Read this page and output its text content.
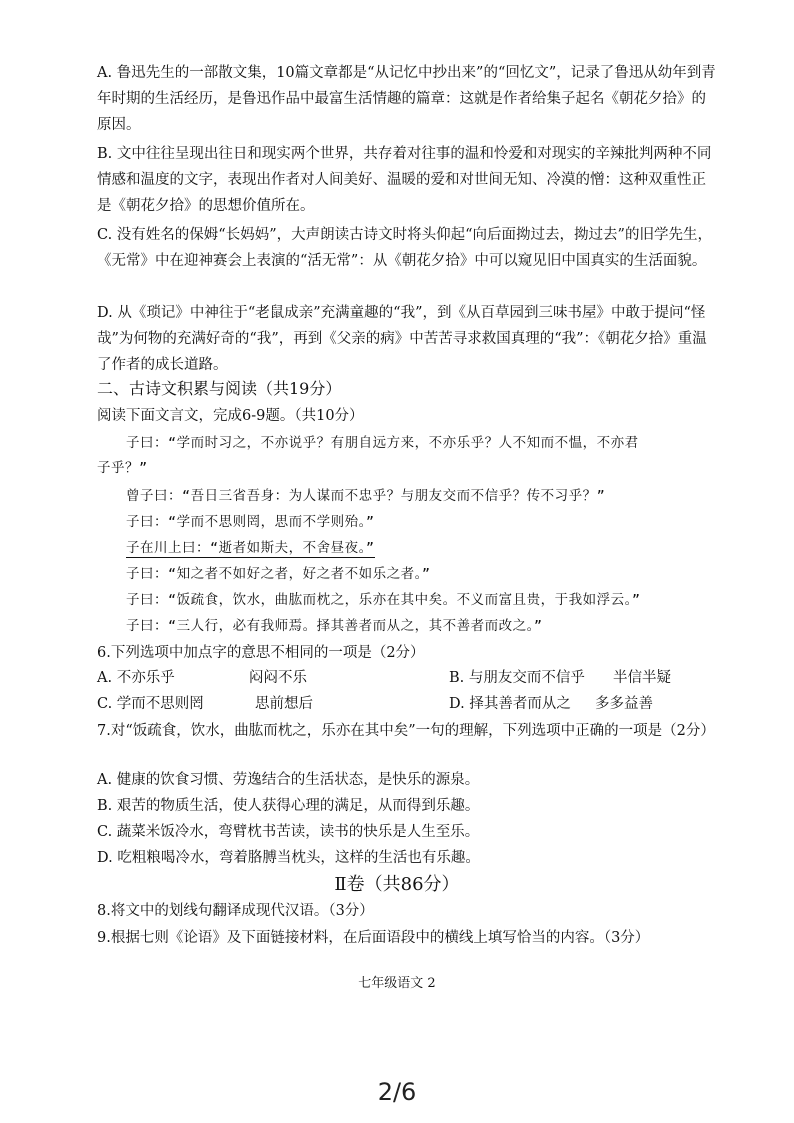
A. 鲁迅先生的一部散文集，10篇文章都是“从记忆中抄出来”的“回忆文”，记录了鲁迅从幼年到青年时期的生活经历，是鲁迅作品中最富生活情趣的篇章：这就是作者给集子起名《朝花夕拾》的原因。

B. 文中往往呈现出往日和现实两个世界，共存着对往事的温和怜爱和对现实的辛辣批判两种不同情感和温度的文字，表现出作者对人间美好、温暖的爱和对世间无知、冷漠的憎：这种双重性正是《朝花夕拾》的思想价值所在。

C. 没有姓名的保姆“长妈妈”，大声朗读古诗文时将头仰起“向后面拗过去，拗过去”的旧学先生，《无常》中在迎神赛会上表演的“活无常”：从《朝花夕拾》中可以窥见旧中国真实的生活面貌。

D. 从《琐记》中神往于“老鼠成亲”充满童趣的“我”，到《从百草园到三味书屋》中敢于提问“怪哉”为何物的充满好奇的“我”，再到《父亲的病》中苦苦寻求救国真理的“我”：《朝花夕拾》重温了作者的成长道路。

二、古诗文积累与阅读（共19分）
阅读下面文言文，完成6-9题。（共10分）
子曰：“学而时习之，不亦说乎？有朋自远方来，不亦乐乎？人不知而不愠，不亦君
子乎？”
曾子曰：“吾日三省吾身：为人谋而不忠乎？与朋友交而不信乎？传不习乎？”
子曰：“学而不思则罔，思而不学则殆。”
子在川上曰：“逝者如斯夫，不舍昼夜。”
子曰：“知之者不如好之者，好之者不如乐之者。”
子曰：“饭疏食，饮水，曲肱而枕之，乐亦在其中矣。不义而富且贵，于我如浮云。”
子曰：“三人行，必有我师焉。择其善者而从之，其不善者而改之。”
6.下列选项中加点字的意思不相同的一项是（2分）
A. 不亦乐乎	闷闷不乐	B. 与朋友交而不信乎 半信半疑
C. 学而不思则罔	思前想后	D. 择其善者而从之 多多益善
7.对“饭疏食，饮水，曲肱而枕之，乐亦在其中矣”一句的理解，下列选项中正确的一项是（2分）
A. 健康的饮食习惯、劳逸结合的生活状态，是快乐的源泉。
B. 艰苦的物质生活，使人获得心理的满足，从而得到乐趣。
C. 蔬菜米饭冷水，弯臂枕书苦读，读书的快乐是人生至乐。
D. 吃粗粮喝冷水，弯着胳膊当枕头，这样的生活也有乐趣。
Ⅱ卷（共86分）
8.将文中的划线句翻译成现代汉语。（3分）
9.根据七则《论语》及下面链接材料，在后面语段中的横线上填写恰当的内容。（3分）
七年级语文 2
2/6
